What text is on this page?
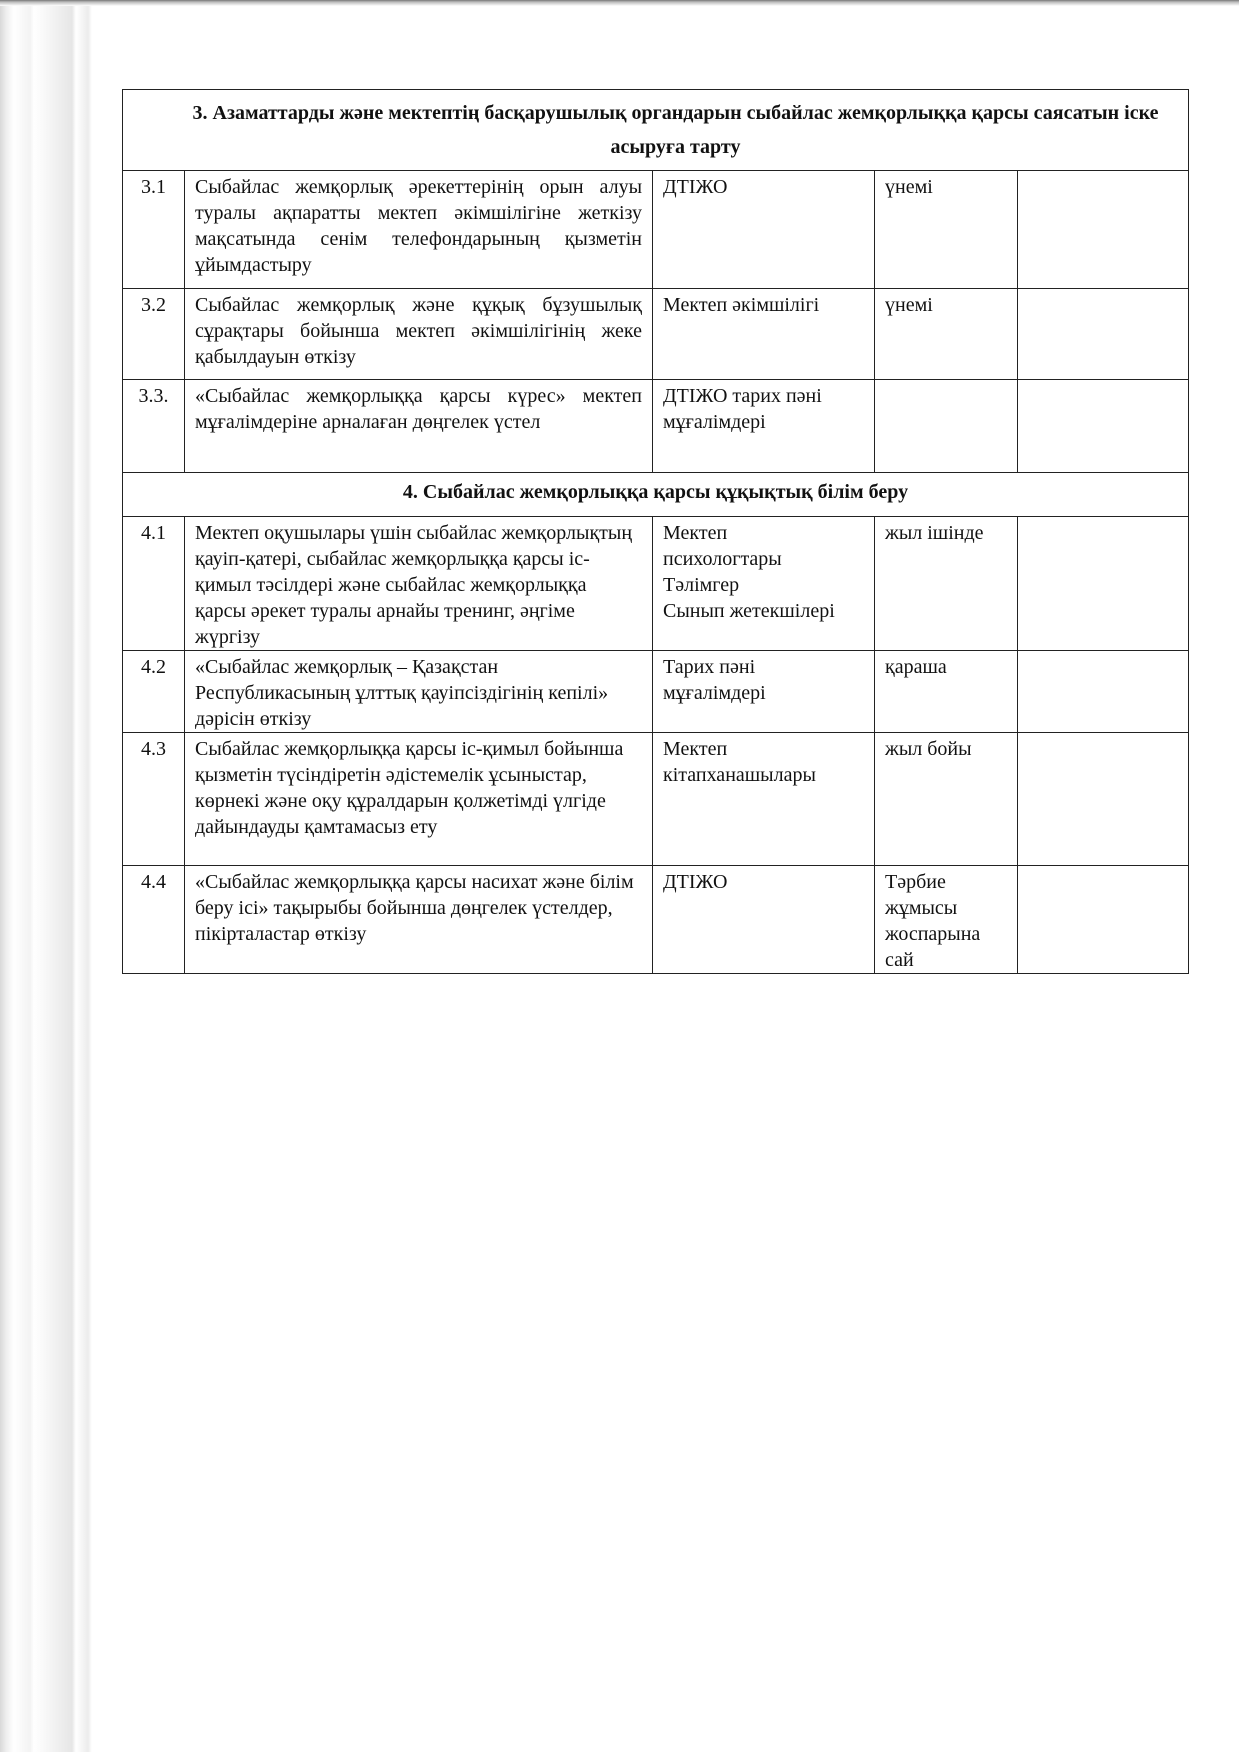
3. Азаматтарды және мектептің басқарушылық органдарын сыбайлас жемқорлыққа қарсы саясатын іске асыруға тарту				
3.1	Сыбайлас жемқорлық әрекеттерінің орын алуы туралы ақпаратты мектеп әкімшілігіне жеткізу мақсатында сенім телефондарының қызметін ұйымдастыру	ДТІЖО	үнемі	
3.2	Сыбайлас жемқорлық және құқық бұзушылық сұрақтары бойынша мектеп әкімшілігінің жеке қабылдауын өткізу	Мектеп әкімшілігі	үнемі	
3.3.	«Сыбайлас жемқорлыққа қарсы күрес» мектеп мұғалімдеріне арналаған дөңгелек үстел	ДТІЖО тарих пәні мұғалімдері		
4. Сыбайлас жемқорлыққа қарсы құқықтық білім беру				
4.1	Мектеп оқушылары үшін сыбайлас жемқорлықтың қауіп-қатері, сыбайлас жемқорлыққа қарсы іс-қимыл тәсілдері және сыбайлас жемқорлыққа қарсы әрекет туралы арнайы тренинг, әңгіме жүргізу	Мектеп
психологтары
Тәлімгер
Сынып жетекшілері	жыл ішінде	
4.2	«Сыбайлас жемқорлық – Қазақстан Республикасының ұлттық қауіпсіздігінің кепілі» дәрісін өткізу	Тарих пәні
мұғалімдері	қараша	
4.3	Сыбайлас жемқорлыққа қарсы іс-қимыл бойынша қызметін түсіндіретін әдістемелік ұсыныстар, көрнекі және оқу құралдарын қолжетімді үлгіде дайындауды қамтамасыз ету	Мектеп
кітапханашылары	жыл бойы	
4.4	«Сыбайлас жемқорлыққа қарсы насихат және білім беру ісі» тақырыбы бойынша дөңгелек үстелдер, пікірталастар өткізу	ДТІЖО	Тәрбие
жұмысы
жоспарына
сай	
